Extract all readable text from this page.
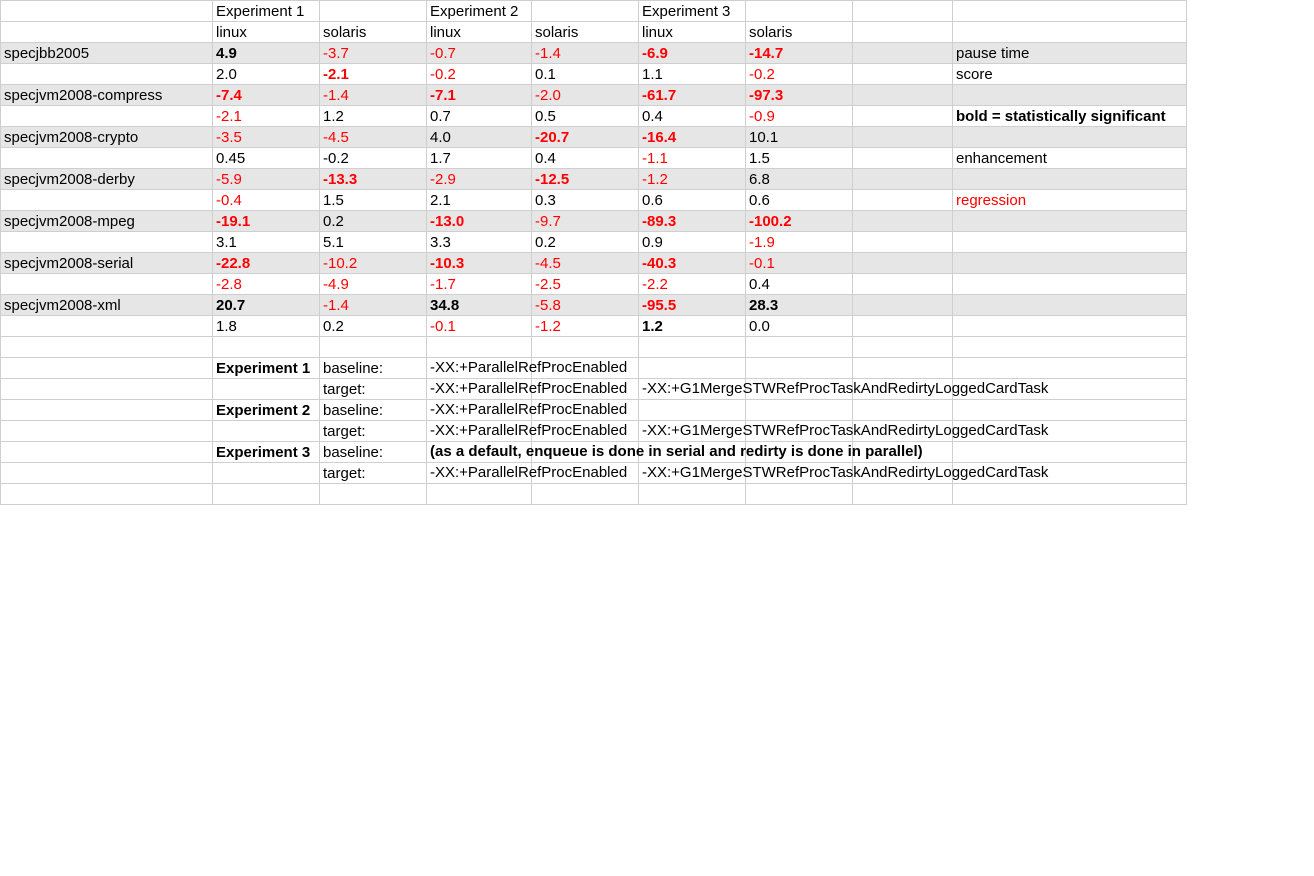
	Experiment 1		Experiment 2		Experiment 3			
	linux	solaris	linux	solaris	linux	solaris		
specjbb2005	4.9	-3.7	-0.7	-1.4	-6.9	-14.7		pause time
	2.0	-2.1	-0.2	0.1	1.1	-0.2		score
specjvm2008-compress	-7.4	-1.4	-7.1	-2.0	-61.7	-97.3		
	-2.1	1.2	0.7	0.5	0.4	-0.9		bold = statistically significant
specjvm2008-crypto	-3.5	-4.5	4.0	-20.7	-16.4	10.1		
	0.45	-0.2	1.7	0.4	-1.1	1.5		enhancement
specjvm2008-derby	-5.9	-13.3	-2.9	-12.5	-1.2	6.8		
	-0.4	1.5	2.1	0.3	0.6	0.6		regression
specjvm2008-mpeg	-19.1	0.2	-13.0	-9.7	-89.3	-100.2		
	3.1	5.1	3.3	0.2	0.9	-1.9		
specjvm2008-serial	-22.8	-10.2	-10.3	-4.5	-40.3	-0.1		
	-2.8	-4.9	-1.7	-2.5	-2.2	0.4		
specjvm2008-xml	20.7	-1.4	34.8	-5.8	-95.5	28.3		
	1.8	0.2	-0.1	-1.2	1.2	0.0		

	Experiment 1	baseline:	-XX:+ParallelRefProcEnabled					

		target:	-XX:+ParallelRefProcEnabled		-XX:+G1MergeSTWRefProcTaskAndRedirtyLoggedCardTask			

	Experiment 2	baseline:	-XX:+ParallelRefProcEnabled					

		target:	-XX:+ParallelRefProcEnabled		-XX:+G1MergeSTWRefProcTaskAndRedirtyLoggedCardTask			

	Experiment 3	baseline:	(as a default, enqueue is done in serial and redirty is done in parallel)					

		target:	-XX:+ParallelRefProcEnabled		-XX:+G1MergeSTWRefProcTaskAndRedirtyLoggedCardTask			
